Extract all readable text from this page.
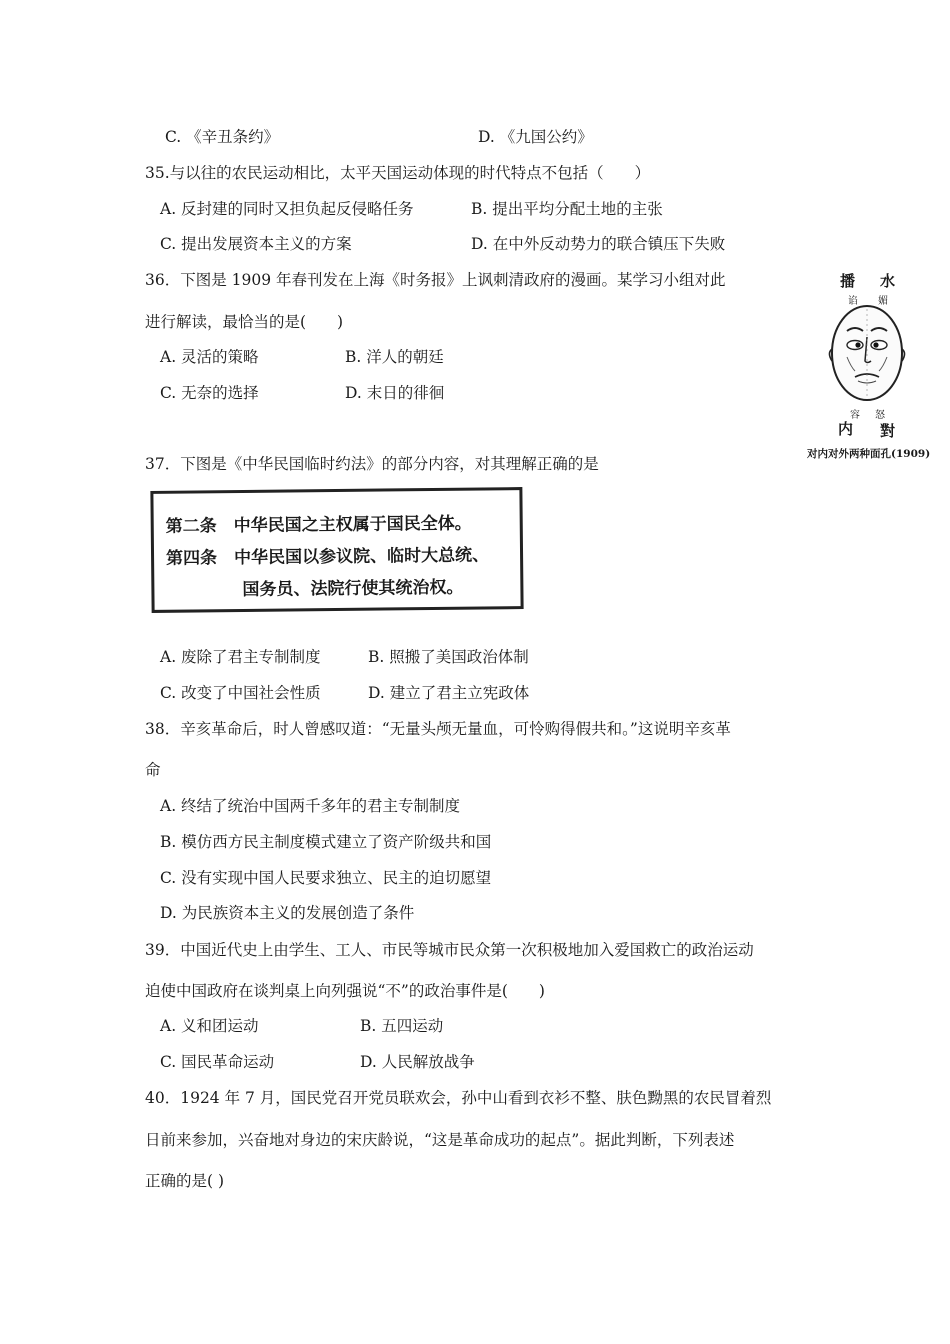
C. 《辛丑条约》	D. 《九国公约》
35.与以往的农民运动相比，太平天国运动体现的时代特点不包括（　　）
A. 反封建的同时又担负起反侵略任务	B. 提出平均分配土地的主张
C. 提出发展资本主义的方案	D. 在中外反动势力的联合镇压下失败
36．下图是 1909 年春刊发在上海《时务报》上讽刺清政府的漫画。某学习小组对此
进行解读，最恰当的是(　　)
A. 灵活的策略	B. 洋人的朝廷
C. 无奈的选择	D. 末日的徘徊
播 水
谄 媚
容 怒
内 對
对内对外两种面孔(1909)
37．下图是《中华民国临时约法》的部分内容，对其理解正确的是
第二条　中华民国之主权属于国民全体。
第四条　中华民国以参议院、临时大总统、
国务员、法院行使其统治权。
A. 废除了君主专制制度	B. 照搬了美国政治体制
C. 改变了中国社会性质	D. 建立了君主立宪政体
38．辛亥革命后，时人曾感叹道：“无量头颅无量血，可怜购得假共和。”这说明辛亥革
命
A. 终结了统治中国两千多年的君主专制制度
B. 模仿西方民主制度模式建立了资产阶级共和国
C. 没有实现中国人民要求独立、民主的迫切愿望
D. 为民族资本主义的发展创造了条件
39．中国近代史上由学生、工人、市民等城市民众第一次积极地加入爱国救亡的政治运动
迫使中国政府在谈判桌上向列强说“不”的政治事件是(　　)
A. 义和团运动	B. 五四运动
C. 国民革命运动	D. 人民解放战争
40．1924 年 7 月，国民党召开党员联欢会，孙中山看到衣衫不整、肤色黝黑的农民冒着烈
日前来参加，兴奋地对身边的宋庆龄说，“这是革命成功的起点”。据此判断，下列表述
正确的是( )
